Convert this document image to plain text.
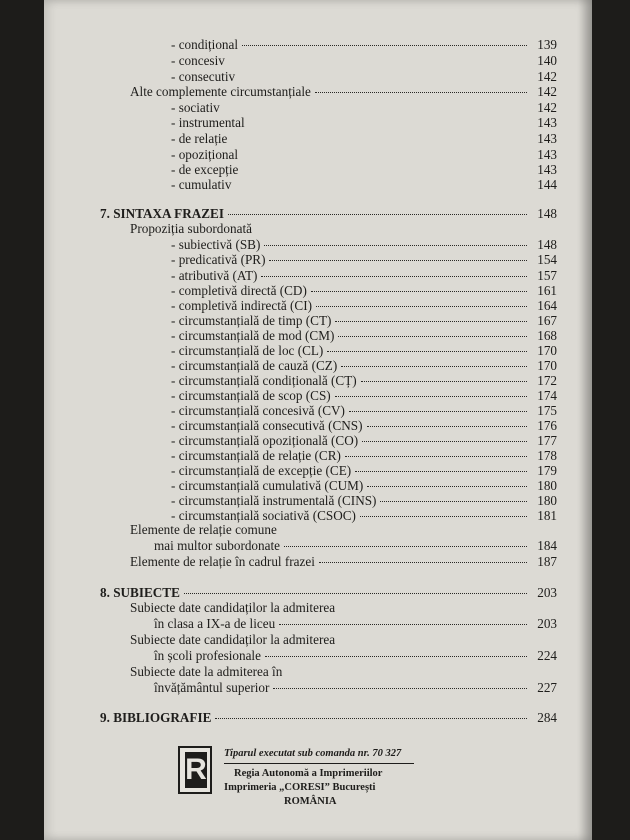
- condițional	139
- concesiv	140
- consecutiv	142
Alte complemente circumstanțiale	142
- sociativ	142
- instrumental	143
- de relație	143
- opozițional	143
- de excepție	143
- cumulativ	144
7. SINTAXA FRAZEI	148
Propoziția subordonată
- subiectivă (SB)	148
- predicativă (PR)	154
- atributivă (AT)	157
- completivă directă (CD)	161
- completivă indirectă (CI)	164
- circumstanțială de timp (CT)	167
- circumstanțială de mod (CM)	168
- circumstanțială de loc (CL)	170
- circumstanțială de cauză (CZ)	170
- circumstanțială condițională (CȚ)	172
- circumstanțială de scop (CS)	174
- circumstanțială concesivă (CV)	175
- circumstanțială consecutivă (CNS)	176
- circumstanțială opozițională (CO)	177
- circumstanțială de relație (CR)	178
- circumstanțială de excepție (CE)	179
- circumstanțială cumulativă (CUM)	180
- circumstanțială instrumentală (CINS)	180
- circumstanțială sociativă (CSOC)	181
Elemente de relație comune
mai multor subordonate	184
Elemente de relație în cadrul frazei	187
8. SUBIECTE	203
Subiecte date candidaților la admiterea
în clasa a IX-a de liceu	203
Subiecte date candidaților la admiterea
în școli profesionale	224
Subiecte date la admiterea în
învățământul superior	227
9. BIBLIOGRAFIE	284
R Tiparul executat sub comanda nr. 70 327
Regia Autonomă a Imprimeriilor
Imprimeria „CORESI” București
ROMÂNIA
